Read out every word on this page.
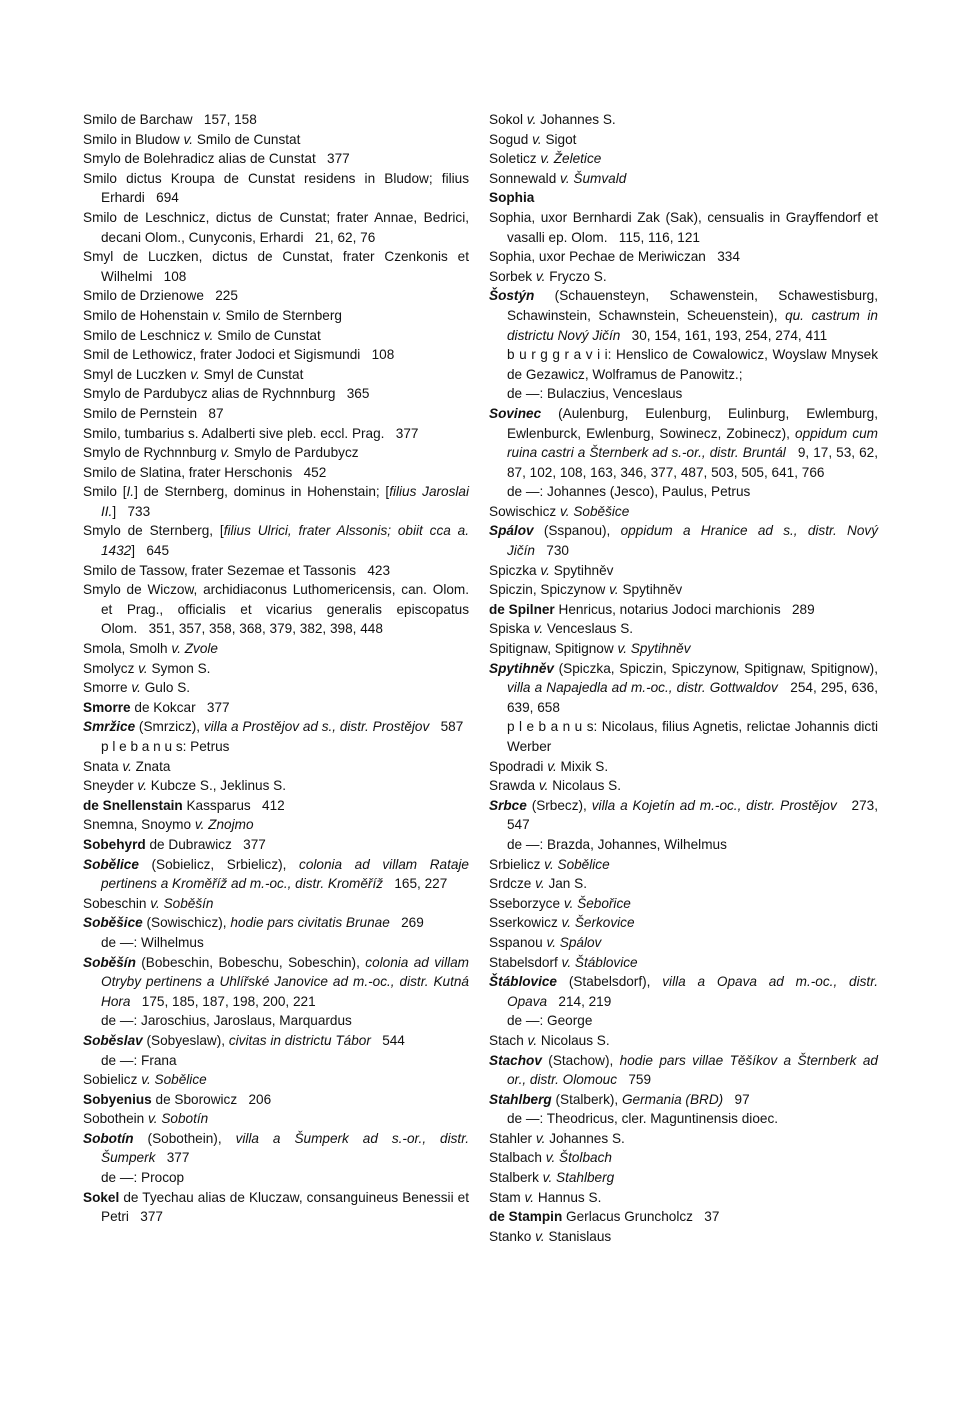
Smilo de Barchaw   157, 158

Smilo in Bludow v. Smilo de Cunstat

Smylo de Bolehradicz alias de Cunstat   377

Smilo dictus Kroupa de Cunstat residens in Bludow; filius Erhardi   694

Smilo de Leschnicz, dictus de Cunstat; frater Annae, Bedrici, decani Olom., Cunyconis, Erhardi   21, 62, 76

Smyl de Luczken, dictus de Cunstat, frater Czenkonis et Wilhelmi   108

Smilo de Drzienowe   225

Smilo de Hohenstain v. Smilo de Sternberg

Smilo de Leschnicz v. Smilo de Cunstat

Smil de Lethowicz, frater Jodoci et Sigismundi   108

Smyl de Luczken v. Smyl de Cunstat

Smylo de Pardubycz alias de Rychnnburg   365

Smilo de Pernstein   87

Smilo, tumbarius s. Adalberti sive pleb. eccl. Prag.   377

Smylo de Rychnnburg v. Smylo de Pardubycz

Smilo de Slatina, frater Herschonis   452

Smilo [I.] de Sternberg, dominus in Hohenstain; [filius Jaroslai II.]   733

Smylo de Sternberg, [filius Ulrici, frater Alssonis; obiit cca a. 1432]   645

Smilo de Tassow, frater Sezemae et Tassonis   423

Smylo de Wiczow, archidiaconus Luthomericensis, can. Olom. et Prag., officialis et vicarius generalis episcopatus Olom.   351, 357, 358, 368, 379, 382, 398, 448

Smola, Smolh v. Zvole

Smolycz v. Symon S.

Smorre v. Gulo S.

Smorre de Kokcar   377

Smržice (Smrzicz), villa a Prostějov ad s., distr. Prostějov   587

p l e b a n u s: Petrus

Snata v. Znata

Sneyder v. Kubcze S., Jeklinus S.

de Snellenstain Kassparus   412

Snemna, Snoymo v. Znojmo

Sobehyrd de Dubrawicz   377

Sobělice (Sobielicz, Srbielicz), colonia ad villam Rataje pertinens a Kroměříž ad m.-oc., distr. Kroměříž   165, 227

Sobeschin v. Soběšín

Soběšice (Sowischicz), hodie pars civitatis Brunae   269

de —: Wilhelmus

Soběšín (Bobeschin, Bobeschu, Sobeschin), colonia ad villam Otryby pertinens a Uhlířské Janovice ad m.-oc., distr. Kutná Hora   175, 185, 187, 198, 200, 221

de —: Jaroschius, Jaroslaus, Marquardus

Soběslav (Sobyeslaw), civitas in districtu Tábor   544

de —: Frana

Sobielicz v. Sobělice

Sobyenius de Sborowicz   206

Sobothein v. Sobotín

Sobotín (Sobothein), villa a Šumperk ad s.-or., distr. Šumperk   377

de —: Procop

Sokel de Tyechau alias de Kluczaw, consanguineus Benessii et Petri   377

Sokol v. Johannes S.

Sogud v. Sigot

Soleticz v. Želetice

Sonnewald v. Šumvald

Sophia

Sophia, uxor Bernhardi Zak (Sak), censualis in Grayffendorf et vasalli ep. Olom.   115, 116, 121

Sophia, uxor Pechae de Meriwiczan   334

Sorbek v. Fryczo S.

Šostýn (Schauensteyn, Schawenstein, Schawestisburg, Schawinstein, Schawnstein, Scheuenstein), qu. castrum in districtu Nový Jičín   30, 154, 161, 193, 254, 274, 411

b u r g g r a v i i: Henslico de Cowalowicz, Woyslaw Mnysek de Gezawicz, Wolframus de Panowitz.;

de —: Bulaczius, Venceslaus

Sovinec (Aulenburg, Eulenburg, Eulinburg, Ewlemburg, Ewlenburck, Ewlenburg, Sowinecz, Zobinecz), oppidum cum ruina castri a Šternberk ad s.-or., distr. Bruntál   9, 17, 53, 62, 87, 102, 108, 163, 346, 377, 487, 503, 505, 641, 766

de —: Johannes (Jesco), Paulus, Petrus

Sowischicz v. Soběšice

Spálov (Sspanou), oppidum a Hranice ad s., distr. Nový Jičín   730

Spiczka v. Spytihněv

Spiczin, Spiczynow v. Spytihněv

de Spilner Henricus, notarius Jodoci marchionis   289

Spiska v. Venceslaus S.

Spitignaw, Spitignow v. Spytihněv

Spytihněv (Spiczka, Spiczin, Spiczynow, Spitignaw, Spitignow), villa a Napajedla ad m.-oc., distr. Gottwaldov   254, 295, 636, 639, 658

p l e b a n u s: Nicolaus, filius Agnetis, relictae Johannis dicti Werber

Spodradi v. Mixik S.

Srawda v. Nicolaus S.

Srbce (Srbecz), villa a Kojetín ad m.-oc., distr. Prostějov   273, 547

de —: Brazda, Johannes, Wilhelmus

Srbielicz v. Sobělice

Srdcze v. Jan S.

Sseborzyce v. Šebořice

Sserkowicz v. Šerkovice

Sspanou v. Spálov

Stabelsdorf v. Štáblovice

Štáblovice (Stabelsdorf), villa a Opava ad m.-oc., distr. Opava   214, 219

de —: George

Stach v. Nicolaus S.

Stachov (Stachow), hodie pars villae Těšíkov a Šternberk ad or., distr. Olomouc   759

Stahlberg (Stalberk), Germania (BRD)   97

de —: Theodricus, cler. Maguntinensis dioec.

Stahler v. Johannes S.

Stalbach v. Štolbach

Stalberk v. Stahlberg

Stam v. Hannus S.

de Stampin Gerlacus Gruncholcz   37

Stanko v. Stanislaus
